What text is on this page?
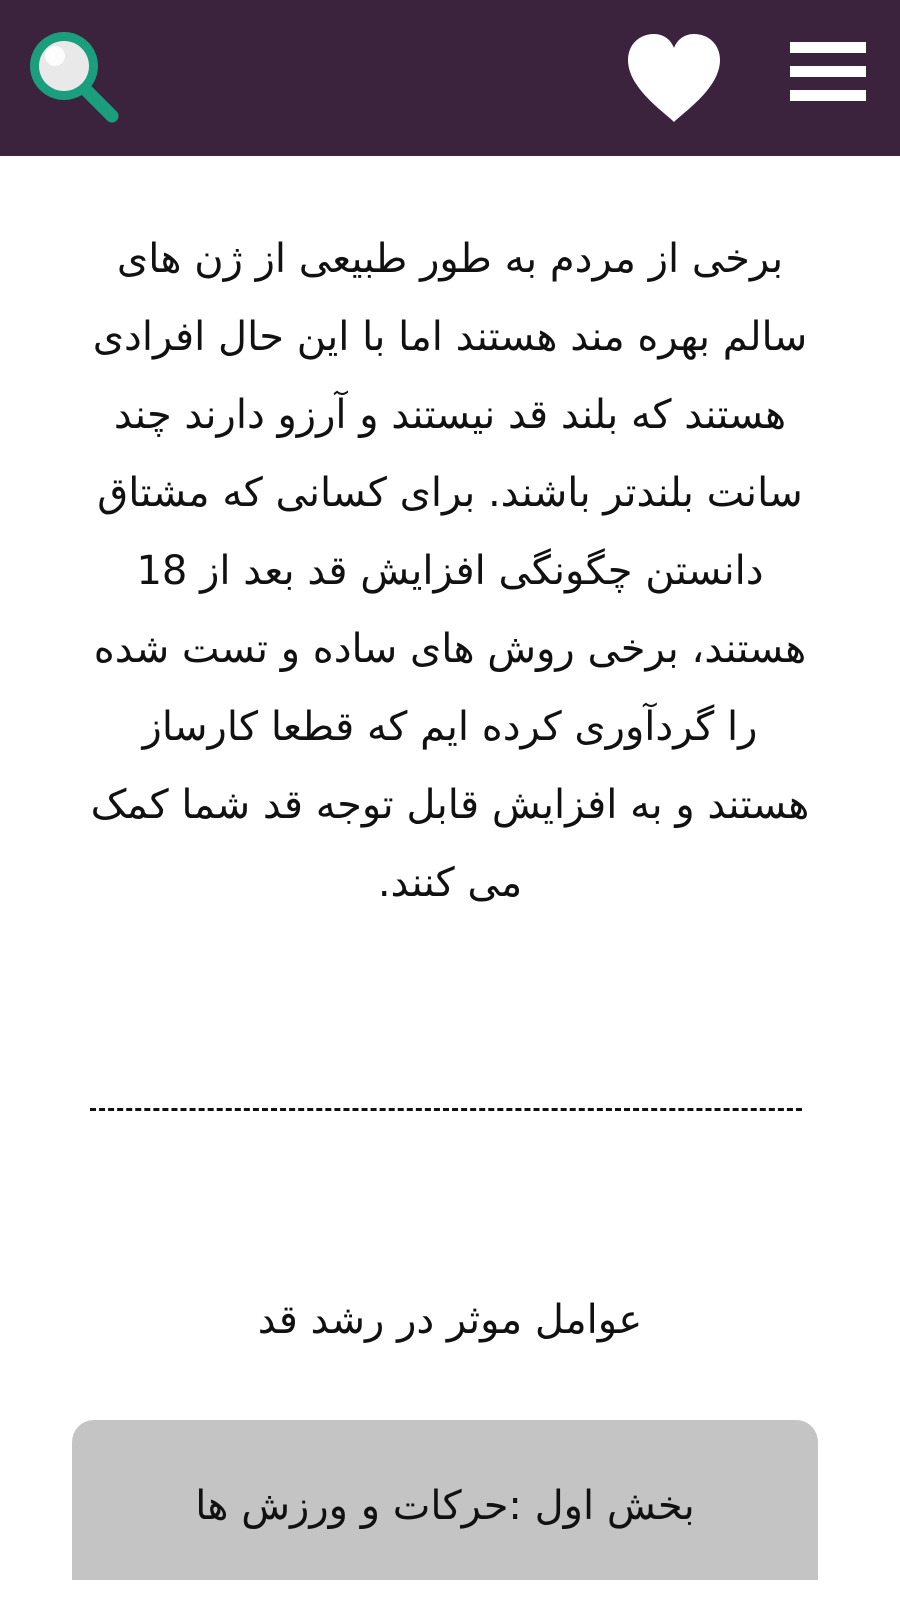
برخی از مردم به طور طبیعی از ژن های سالم بهره مند هستند اما با این حال افرادی هستند که بلند قد نیستند و آرزو دارند چند سانت بلندتر باشند. برای کسانی که مشتاق دانستن چگونگی افزایش قد بعد از 18 هستند، برخی روش های ساده و تست شده را گردآوری کرده ایم که قطعا کارساز هستند و به افزایش قابل توجه قد شما کمک می کنند.

عوامل موثر در رشد قد
بخش اول :حرکات و ورزش ها
